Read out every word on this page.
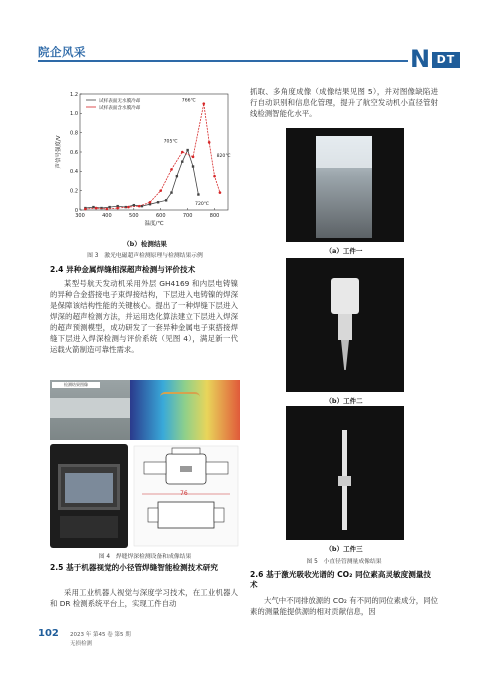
院企风采	N DT
300	400	500	600	700	800
0
0.2
0.4
0.6
0.8
1.0
1.2
温度/℃
声信号强度/V
试样表面无水膜冷却
试样表面含水膜冷却
766℃
705℃
820℃
720℃
（b）检测结果
图 3　激光电磁超声检测原理与检测结果示例
2.4 异种金属焊缝相深超声检测与评价技术
某型号航天发动机采用外层 GH4169 和内层电铸镍的异种合金搭接电子束焊接结构，下层进入电铸镍的焊深是保障该结构性能的关键核心。提出了一种焊缝下层进入焊深的超声检测方法，并运用迭化算法建立下层进入焊深的超声预测模型，成功研发了一套异种金属电子束搭接焊缝下层进入焊深检测与评价系统（见图 4），满足新一代运载火箭制造可靠性需求。
检测结果图像
76
图 4　焊缝焊深检测设备和成像结果
2.5 基于机器视觉的小径管焊缝智能检测技术研究
采用工业机器人视觉与深度学习技术，在工业机器人和 DR 检测系统平台上，实现工件自动
抓取、多角度成像（成像结果见图 5），并对图像缺陷进行自动识别和信息化管理，提升了航空发动机小直径管射线检测智能化水平。
（a）工件一
（b）工件二
（b）工件三
图 5　小直径管测量成像结果
2.6 基于激光吸收光谱的 CO₂ 同位素高灵敏度测量技术
大气中不同排放源的 CO₂ 有不同的同位素成分，同位素的测量能提供源的相对贡献信息，因
102 2023 年 第45 卷 第5 期
无损检测
